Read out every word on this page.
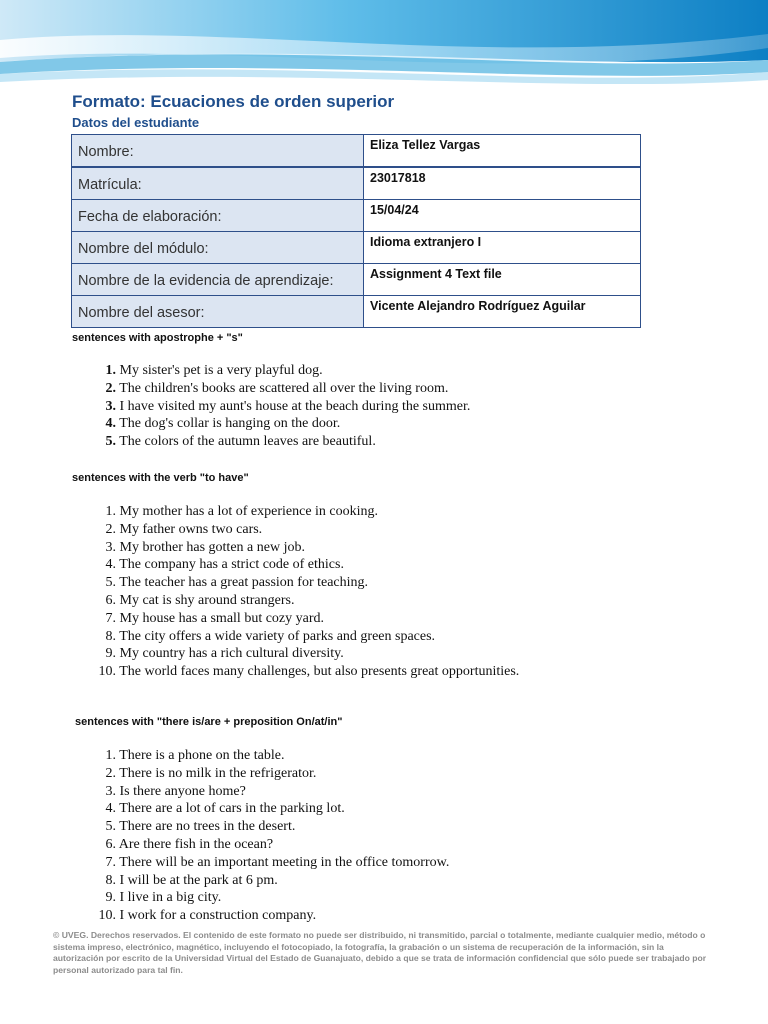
Formato: Ecuaciones de orden superior
Datos del estudiante
Nombre:	Eliza Tellez Vargas
Matrícula:	23017818
Fecha de elaboración:	15/04/24
Nombre del módulo:	Idioma extranjero I
Nombre de la evidencia de aprendizaje:	Assignment 4 Text file
Nombre del asesor:	Vicente Alejandro Rodríguez Aguilar
sentences with apostrophe + "s"
1. My sister's pet is a very playful dog.
2. The children's books are scattered all over the living room.
3. I have visited my aunt's house at the beach during the summer.
4. The dog's collar is hanging on the door.
5. The colors of the autumn leaves are beautiful.
sentences with the verb "to have"
1. My mother has a lot of experience in cooking.
2. My father owns two cars.
3. My brother has gotten a new job.
4. The company has a strict code of ethics.
5. The teacher has a great passion for teaching.
6. My cat is shy around strangers.
7. My house has a small but cozy yard.
8. The city offers a wide variety of parks and green spaces.
9. My country has a rich cultural diversity.
10. The world faces many challenges, but also presents great opportunities.
sentences with "there is/are + preposition On/at/in"
1. There is a phone on the table.
2. There is no milk in the refrigerator.
3. Is there anyone home?
4. There are a lot of cars in the parking lot.
5. There are no trees in the desert.
6. Are there fish in the ocean?
7. There will be an important meeting in the office tomorrow.
8. I will be at the park at 6 pm.
9. I live in a big city.
10. I work for a construction company.
© UVEG. Derechos reservados. El contenido de este formato no puede ser distribuido, ni transmitido, parcial o totalmente, mediante cualquier medio, método o sistema impreso, electrónico, magnético, incluyendo el fotocopiado, la fotografía, la grabación o un sistema de recuperación de la información, sin la autorización por escrito de la Universidad Virtual del Estado de Guanajuato, debido a que se trata de información confidencial que sólo puede ser trabajado por personal autorizado para tal fin.
